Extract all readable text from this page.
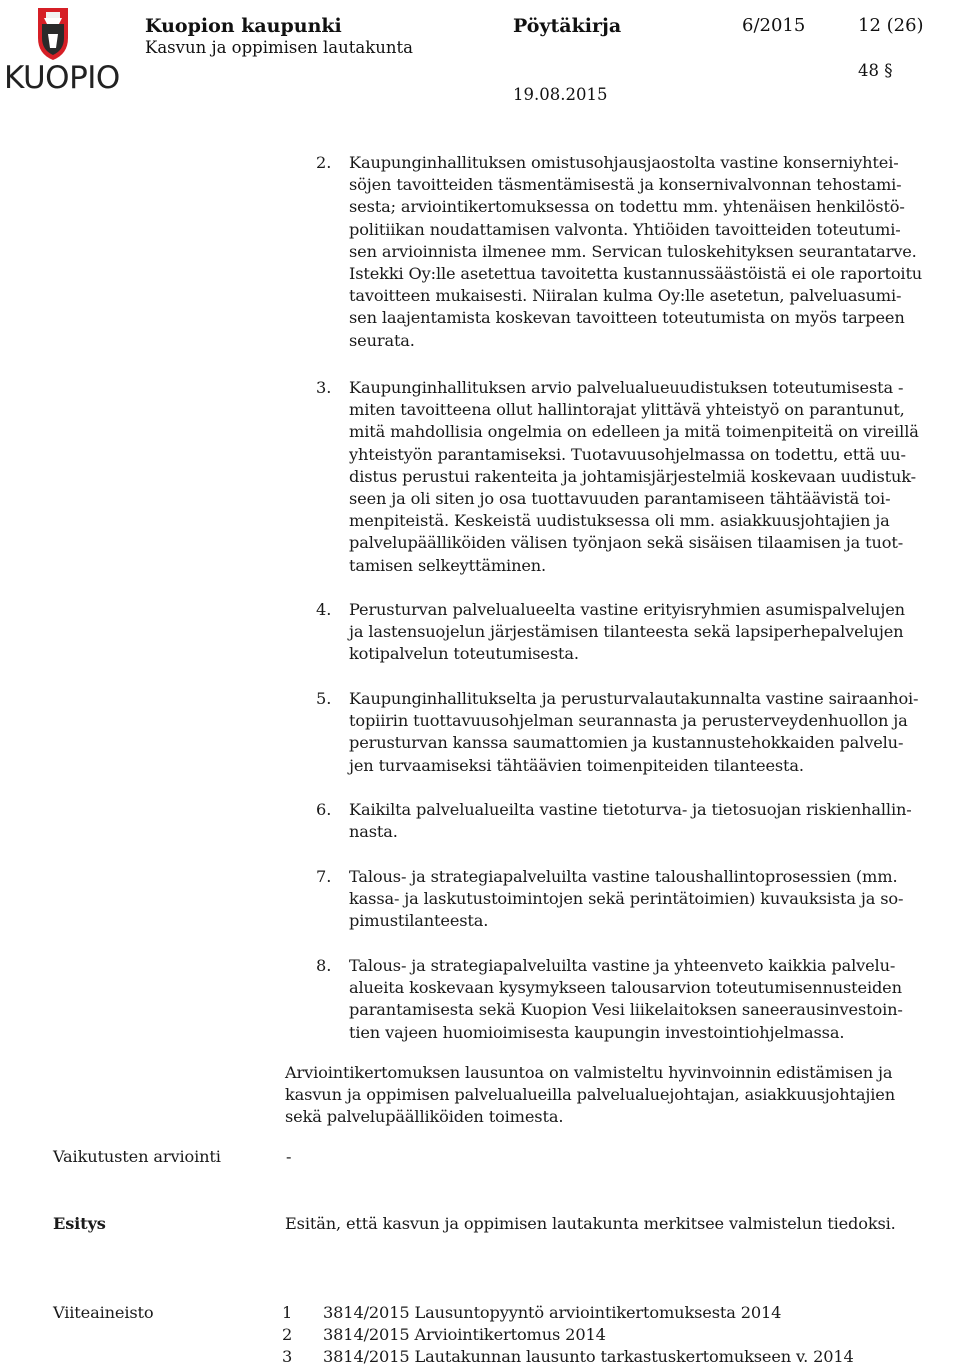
KUOPIO
Kuopion kaupunki
Kasvun ja oppimisen lautakunta
Pöytäkirja	6/2015	12 (26)
48 §
19.08.2015
2.	Kaupunginhallituksen omistusohjausjaostolta vastine konserniyhtei-
söjen tavoitteiden täsmentämisestä ja konsernivalvonnan tehostami-
sesta; arviointikertomuksessa on todettu mm. yhtenäisen henkilöstö-
politiikan noudattamisen valvonta. Yhtiöiden tavoitteiden toteutumi-
sen arvioinnista ilmenee mm. Servican tuloskehityksen seurantatarve.
Istekki Oy:lle asetettua tavoitetta kustannussäästöistä ei ole raportoitu
tavoitteen mukaisesti. Niiralan kulma Oy:lle asetetun, palveluasumi-
sen laajentamista koskevan tavoitteen toteutumista on myös tarpeen
seurata.
3.	Kaupunginhallituksen arvio palvelualueuudistuksen toteutumisesta -
miten tavoitteena ollut hallintorajat ylittävä yhteistyö on parantunut,
mitä mahdollisia ongelmia on edelleen ja mitä toimenpiteitä on vireillä
yhteistyön parantamiseksi. Tuotavuusohjelmassa on todettu, että uu-
distus perustui rakenteita ja johtamisjärjestelmiä koskevaan uudistuk-
seen ja oli siten jo osa tuottavuuden parantamiseen tähtäävistä toi-
menpiteistä. Keskeistä uudistuksessa oli mm. asiakkuusjohtajien ja
palvelupäälliköiden välisen työnjaon sekä sisäisen tilaamisen ja tuot-
tamisen selkeyttäminen.
4.	Perusturvan palvelualueelta vastine erityisryhmien asumispalvelujen
ja lastensuojelun järjestämisen tilanteesta sekä lapsiperhepalvelujen
kotipalvelun toteutumisesta.
5.	Kaupunginhallitukselta ja perusturvalautakunnalta vastine sairaanhoi-
topiirin tuottavuusohjelman seurannasta ja perusterveydenhuollon ja
perusturvan kanssa saumattomien ja kustannustehokkaiden palvelu-
jen turvaamiseksi tähtäävien toimenpiteiden tilanteesta.
6.	Kaikilta palvelualueilta vastine tietoturva- ja tietosuojan riskienhallin-
nasta.
7.	Talous- ja strategiapalveluilta vastine taloushallintoprosessien (mm.
kassa- ja laskutustoimintojen sekä perintätoimien) kuvauksista ja so-
pimustilanteesta.
8.	Talous- ja strategiapalveluilta vastine ja yhteenveto kaikkia palvelu-
alueita koskevaan kysymykseen talousarvion toteutumisennusteiden
parantamisesta sekä Kuopion Vesi liikelaitoksen saneerausinvestoin-
tien vajeen huomioimisesta kaupungin investointiohjelmassa.
Arviointikertomuksen lausuntoa on valmisteltu hyvinvoinnin edistämisen ja
kasvun ja oppimisen palvelualueilla palvelualuejohtajan, asiakkuusjohtajien
sekä palvelupäälliköiden toimesta.
Vaikutusten arviointi	-
Esitys	Esitän, että kasvun ja oppimisen lautakunta merkitsee valmistelun tiedoksi.
Viiteaineisto	1 3814/2015 Lausuntopyyntö arviointikertomuksesta 2014
2 3814/2015 Arviointikertomus 2014
3 3814/2015 Lautakunnan lausunto tarkastuskertomukseen v. 2014
